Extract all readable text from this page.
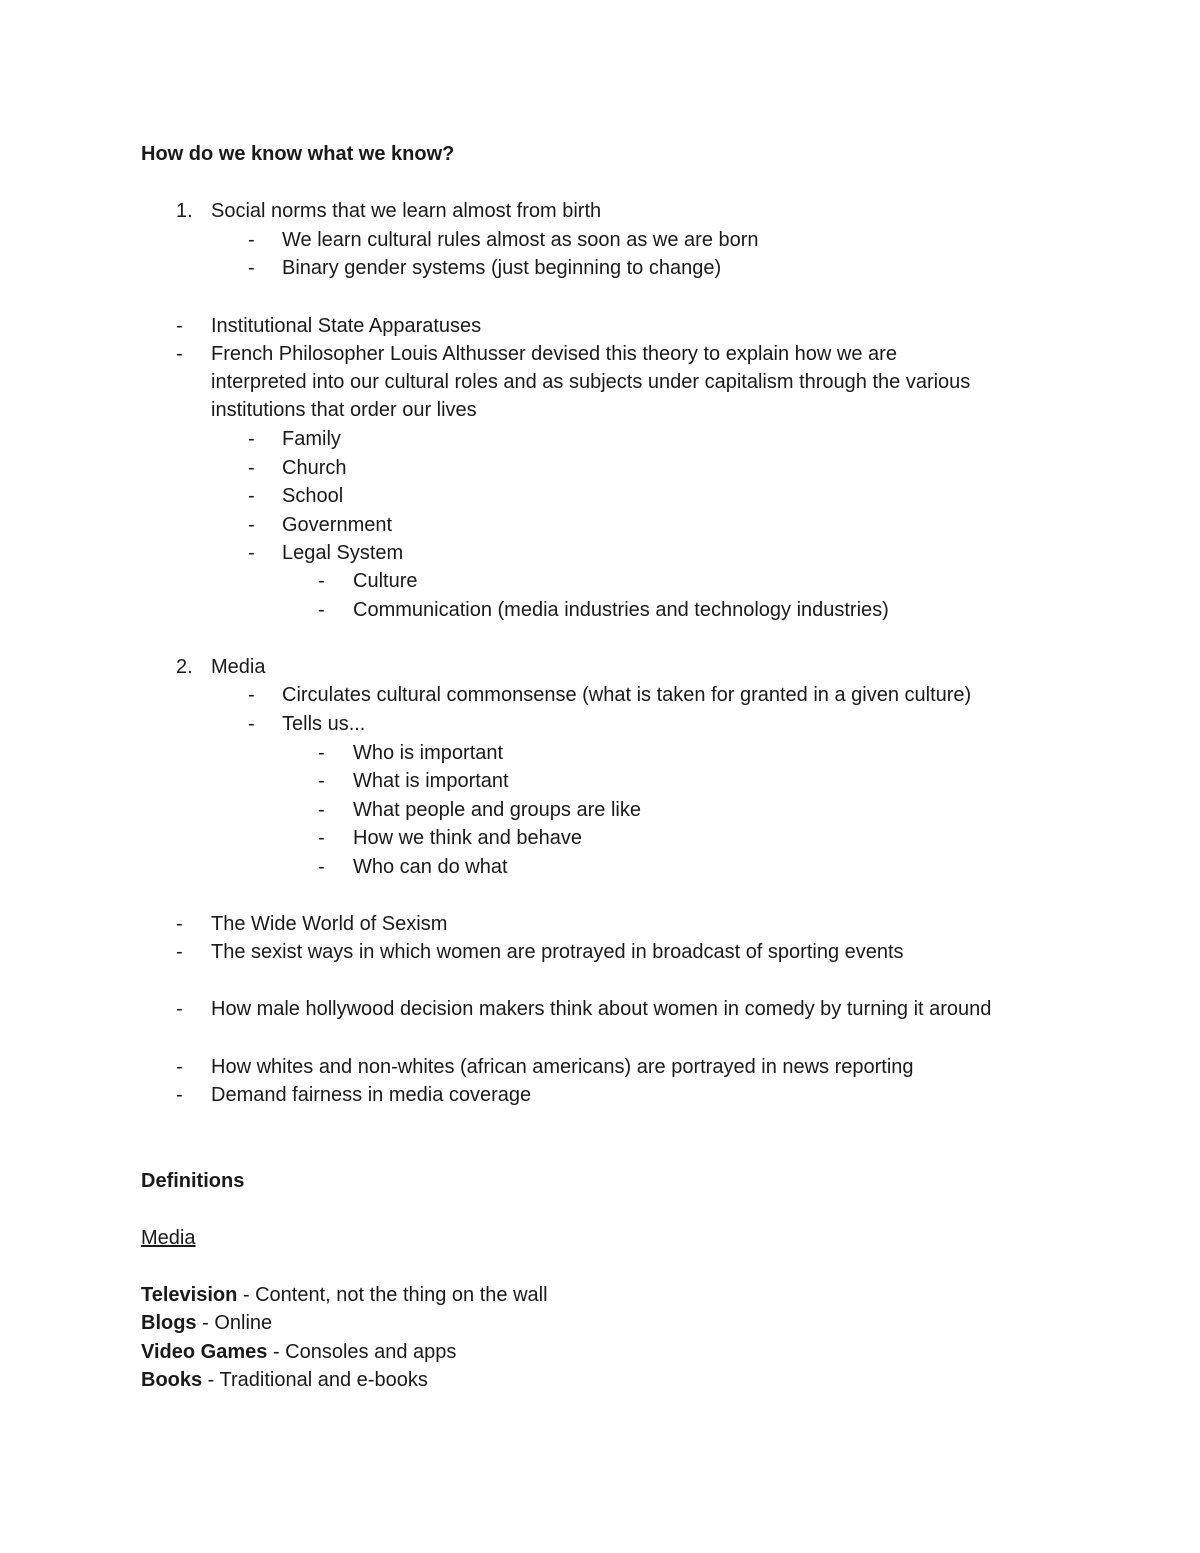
How do we know what we know?
1. Social norms that we learn almost from birth
- We learn cultural rules almost as soon as we are born
- Binary gender systems (just beginning to change)
- Institutional State Apparatuses
- French Philosopher Louis Althusser devised this theory to explain how we are
interpreted into our cultural roles and as subjects under capitalism through the various
institutions that order our lives
- Family
- Church
- School
- Government
- Legal System
- Culture
- Communication (media industries and technology industries)
2. Media
- Circulates cultural commonsense (what is taken for granted in a given culture)
- Tells us...
- Who is important
- What is important
- What people and groups are like
- How we think and behave
- Who can do what
- The Wide World of Sexism
- The sexist ways in which women are protrayed in broadcast of sporting events
- How male hollywood decision makers think about women in comedy by turning it around
- How whites and non-whites (african americans) are portrayed in news reporting
- Demand fairness in media coverage
Definitions
Media
Television - Content, not the thing on the wall
Blogs - Online
Video Games - Consoles and apps
Books - Traditional and e-books
